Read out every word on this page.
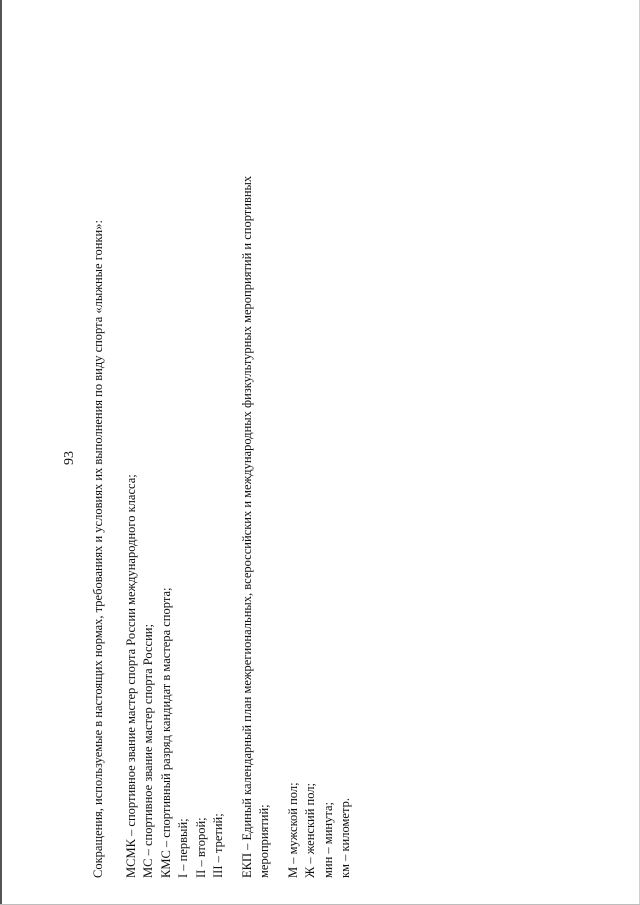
93 Сокращения, используемые в настоящих нормах, требованиях и условиях их выполнения по виду спорта «лыжные гонки»: МСМК – спортивное звание мастер спорта России международного класса; МС – спортивное звание мастер спорта России; КМС – спортивный разряд кандидат в мастера спорта; I – первый; II – второй; III – третий; ЕКП – Единый календарный план межрегиональных, всероссийских и международных физкультурных мероприятий и спортивных мероприятий; М – мужской пол; Ж – женский пол; мин – минута; км – километр.
